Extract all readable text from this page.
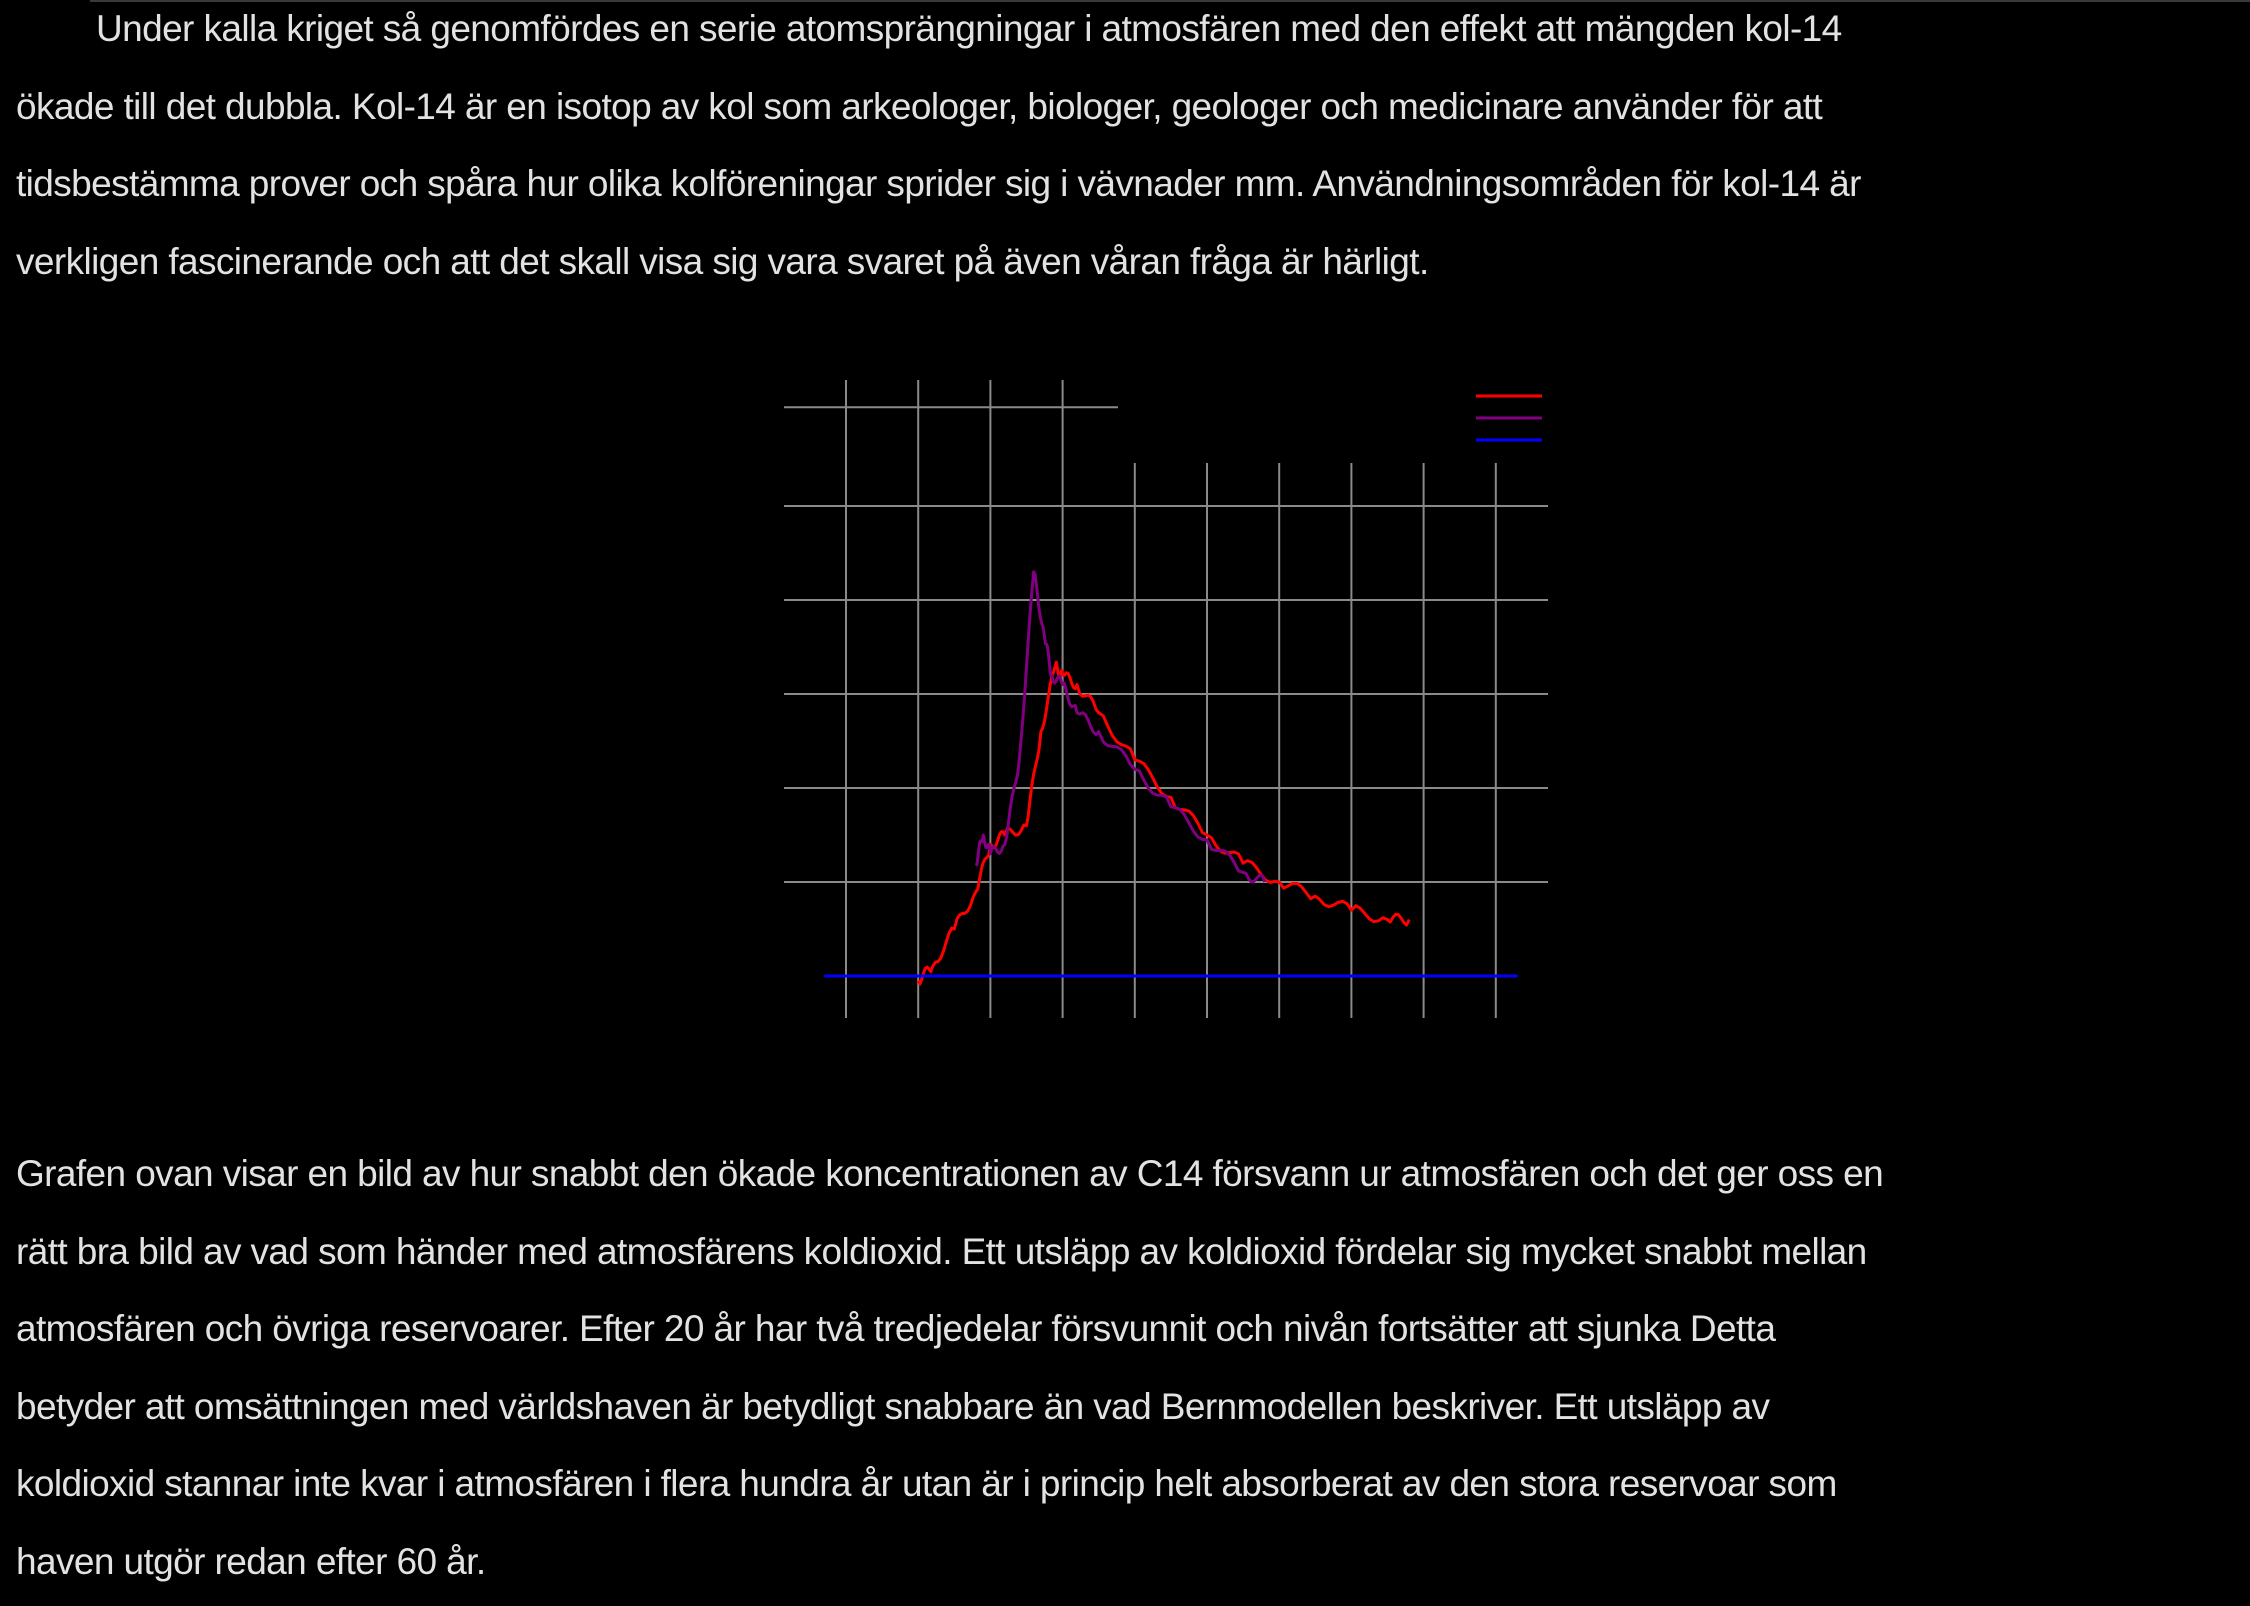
Under kalla kriget så genomfördes en serie atomsprängningar i atmosfären med den effekt att mängden kol-14
ökade till det dubbla. Kol-14 är en isotop av kol som arkeologer, biologer, geologer och medicinare använder för att
tidsbestämma prover och spåra hur olika kolföreningar sprider sig i vävnader mm. Användningsområden för kol-14 är
verkligen fascinerande och att det skall visa sig vara svaret på även våran fråga är härligt.
Grafen ovan visar en bild av hur snabbt den ökade koncentrationen av C14 försvann ur atmosfären och det ger oss en
rätt bra bild av vad som händer med atmosfärens koldioxid. Ett utsläpp av koldioxid fördelar sig mycket snabbt mellan
atmosfären och övriga reservoarer. Efter 20 år har två tredjedelar försvunnit och nivån fortsätter att sjunka Detta
betyder att omsättningen med världshaven är betydligt snabbare än vad Bernmodellen beskriver. Ett utsläpp av
koldioxid stannar inte kvar i atmosfären i flera hundra år utan är i princip helt absorberat av den stora reservoar som
haven utgör redan efter 60 år.
